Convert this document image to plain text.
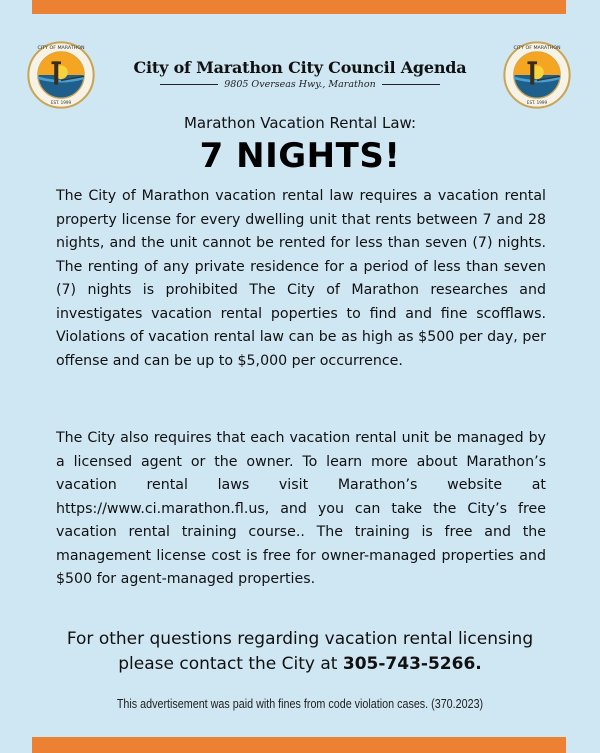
CITY OF MARATHON
EST. 1999
CITY OF MARATHON
EST. 1999
City of Marathon City Council Agenda
9805 Overseas Hwy., Marathon
Marathon Vacation Rental Law:
7 NIGHTS!
The City of Marathon vacation rental law requires a vacation rental property license for every dwelling unit that rents between 7 and 28 nights, and the unit cannot be rented for less than seven (7) nights. The renting of any private residence for a period of less than seven (7) nights is prohibited The City of Marathon researches and investigates vacation rental poperties to find and fine scofflaws. Violations of vacation rental law can be as high as $500 per day, per offense and can be up to $5,000 per occurrence.
The City also requires that each vacation rental unit be managed by a licensed agent or the owner. To learn more about Marathon’s vacation rental laws visit Marathon’s website at https://www.ci.marathon.fl.us, and you can take the City’s free vacation rental training course.. The training is free and the management license cost is free for owner-managed properties and $500 for agent-managed properties.
For other questions regarding vacation rental licensing
please contact the City at 305-743-5266.
This advertisement was paid with fines from code violation cases. (370.2023)
